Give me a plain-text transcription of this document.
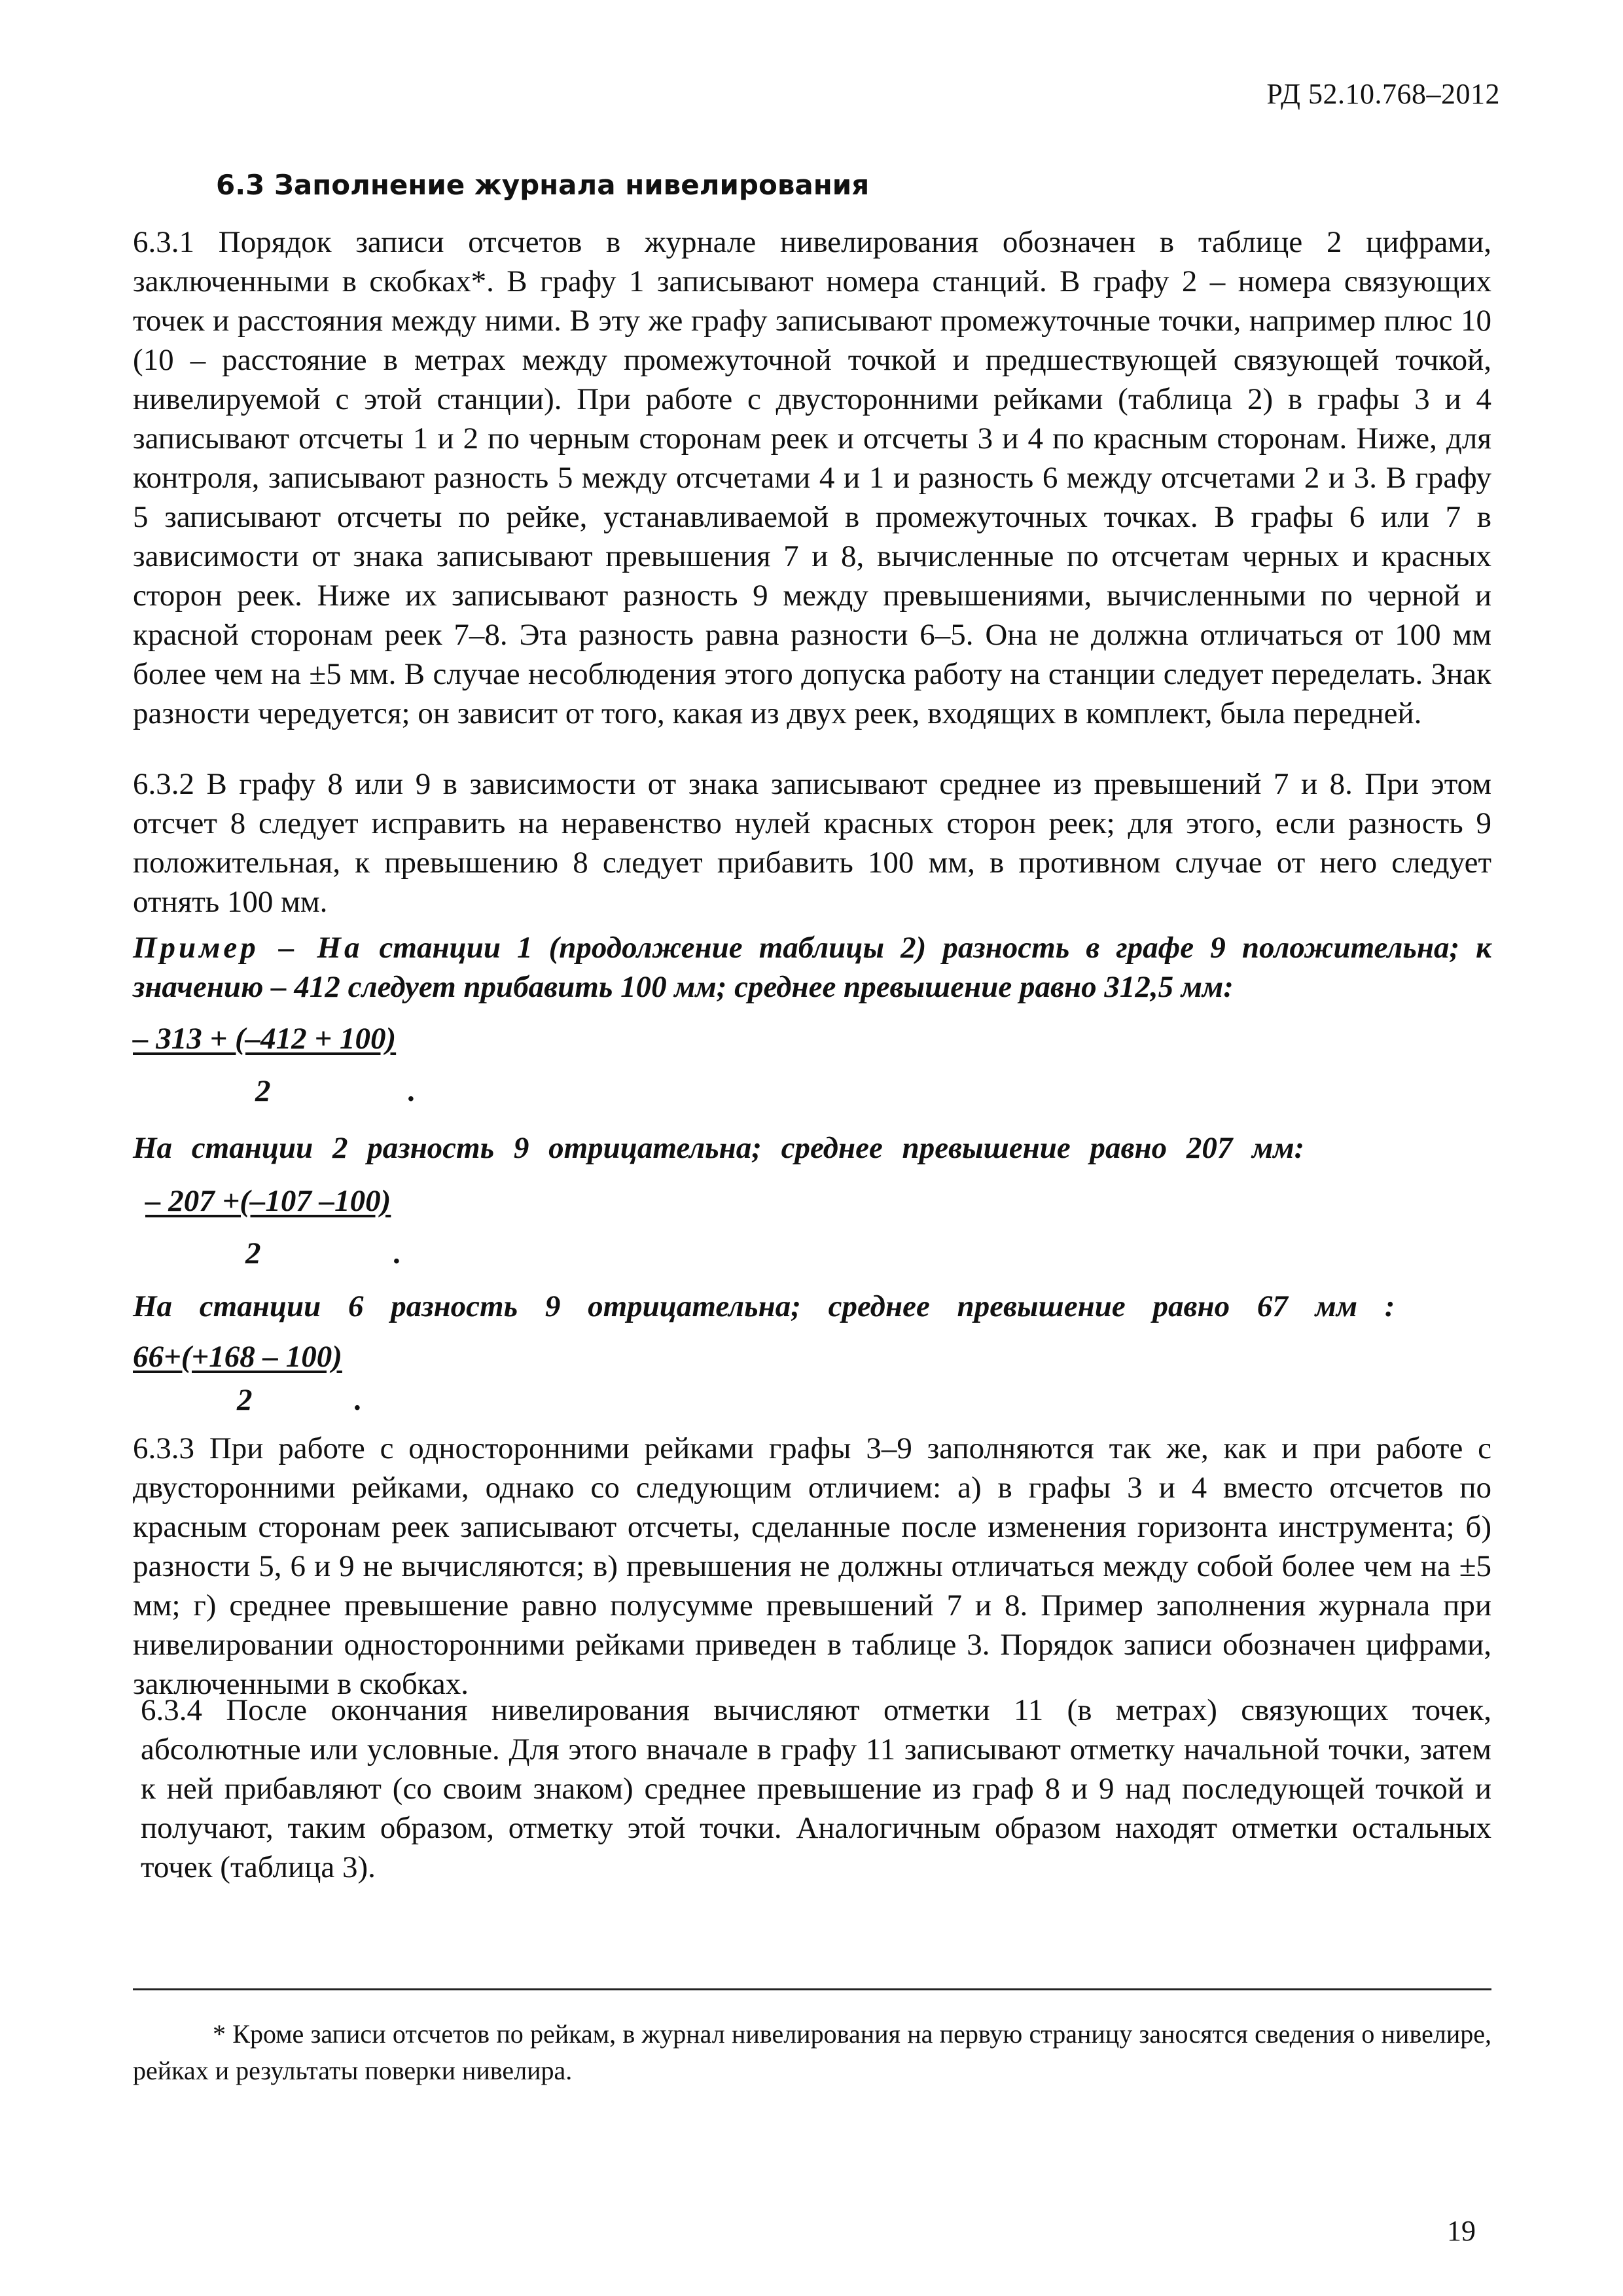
РД 52.10.768–2012
6.3 Заполнение журнала нивелирования

6.3.1 Порядок записи отсчетов в журнале нивелирования обозначен в таблице 2 цифрами, заключенными в скобках*. В графу 1 записывают номера станций. В графу 2 – номера связующих точек и расстояния между ними. В эту же графу записывают промежуточные точки, например плюс 10 (10 – расстояние в метрах между промежуточной точкой и предшествующей связующей точкой, нивелируемой с этой станции). При работе с двусторонними рейками (таблица 2) в графы 3 и 4 записывают отсчеты 1 и 2 по черным сторонам реек и отсчеты 3 и 4 по красным сторонам. Ниже, для контроля, записывают разность 5 между отсчетами 4 и 1 и разность 6 между отсчетами 2 и 3. В графу 5 записывают отсчеты по рейке, устанавливаемой в промежуточных точках. В графы 6 или 7 в зависимости от знака записывают превышения 7 и 8, вычисленные по отсчетам черных и красных сторон реек. Ниже их записывают разность 9 между превышениями, вычисленными по черной и красной сторонам реек 7–8. Эта разность равна разности 6–5. Она не должна отличаться от 100 мм более чем на ±5 мм. В случае несоблюдения этого допуска работу на станции следует переделать. Знак разности чередуется; он зависит от того, какая из двух реек, входящих в комплект, была передней.

6.3.2 В графу 8 или 9 в зависимости от знака записывают среднее из превышений 7 и 8. При этом отсчет 8 следует исправить на неравенство нулей красных сторон реек; для этого, если разность 9 положительная, к превышению 8 следует прибавить 100 мм, в противном случае от него следует отнять 100 мм.

Пример – На станции 1 (продолжение таблицы 2) разность в графе 9 положительна; к значению – 412 следует прибавить 100 мм; среднее превышение равно 312,5 мм:
– 313 + (–412 + 100)
2	.
На станции 2 разность 9 отрицательна; среднее превышение равно 207 мм:
– 207 +(–107 –100)
2	.
На станции 6 разность 9 отрицательна; среднее превышение равно 67 мм :
66+(+168 – 100)
2	.

6.3.3 При работе с односторонними рейками графы 3–9 заполняются так же, как и при работе с двусторонними рейками, однако со следующим отличием: а) в графы 3 и 4 вместо отсчетов по красным сторонам реек записывают отсчеты, сделанные после изменения горизонта инструмента; б) разности 5, 6 и 9 не вычисляются; в) превышения не должны отличаться между собой более чем на ±5 мм; г) среднее превышение равно полусумме превышений 7 и 8. Пример заполнения журнала при нивелировании односторонними рейками приведен в таблице 3. Порядок записи обозначен цифрами, заключенными в скобках.

6.3.4 После окончания нивелирования вычисляют отметки 11 (в метрах) связующих точек, абсолютные или условные. Для этого вначале в графу 11 записывают отметку начальной точки, затем к ней прибавляют (со своим знаком) среднее превышение из граф 8 и 9 над последующей точкой и получают, таким образом, отметку этой точки. Аналогичным образом находят отметки остальных точек (таблица 3).

* Кроме записи отсчетов по рейкам, в журнал нивелирования на первую страницу заносятся сведения о нивелире, рейках и результаты поверки нивелира.

19
